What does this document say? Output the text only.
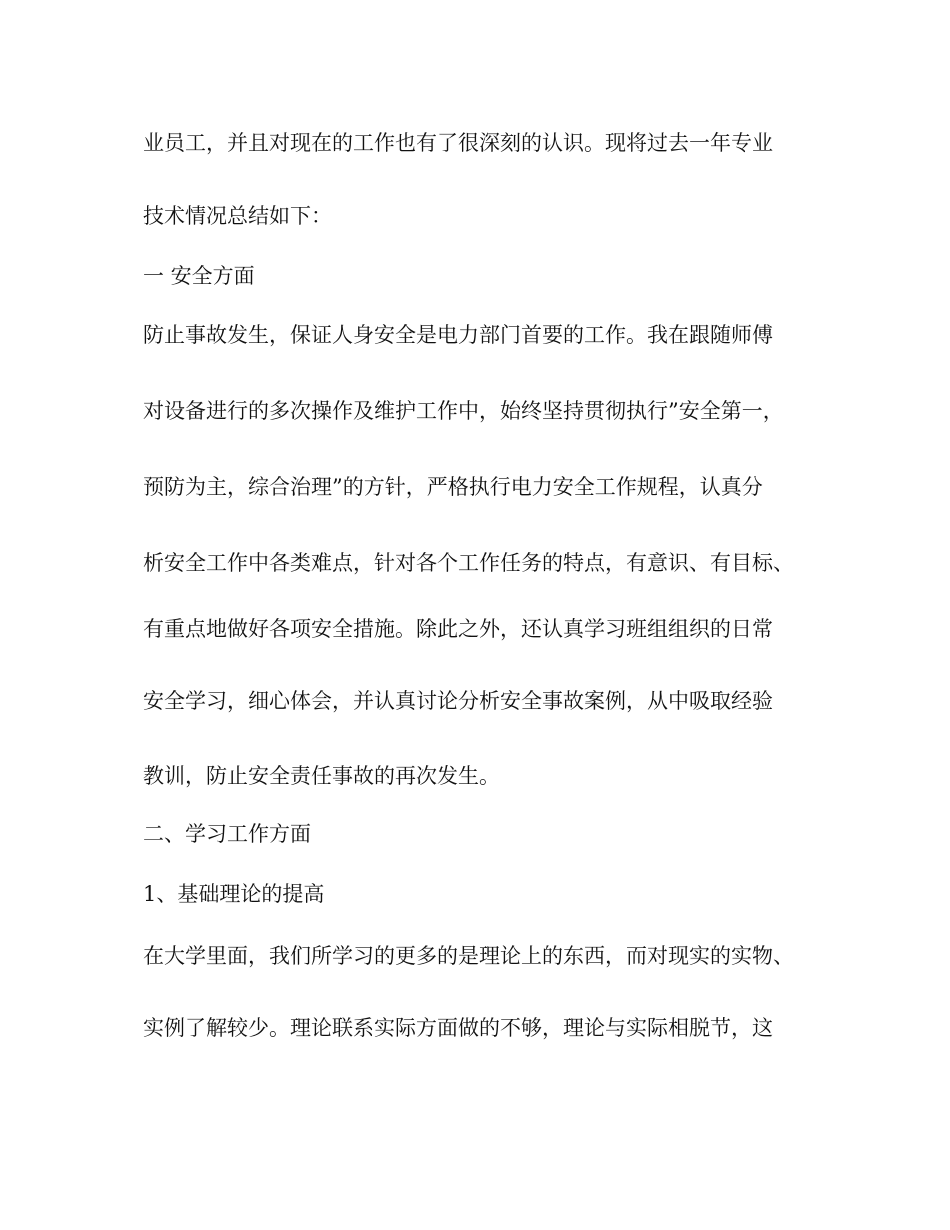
业员工，并且对现在的工作也有了很深刻的认识。现将过去一年专业

技术情况总结如下：

一 安全方面

防止事故发生，保证人身安全是电力部门首要的工作。我在跟随师傅

对设备进行的多次操作及维护工作中，始终坚持贯彻执行”安全第一，

预防为主，综合治理”的方针，严格执行电力安全工作规程，认真分

析安全工作中各类难点，针对各个工作任务的特点，有意识、有目标、

有重点地做好各项安全措施。除此之外，还认真学习班组组织的日常

安全学习，细心体会，并认真讨论分析安全事故案例，从中吸取经验

教训，防止安全责任事故的再次发生。

二、学习工作方面

1、基础理论的提高

在大学里面，我们所学习的更多的是理论上的东西，而对现实的实物、

实例了解较少。理论联系实际方面做的不够，理论与实际相脱节，这
